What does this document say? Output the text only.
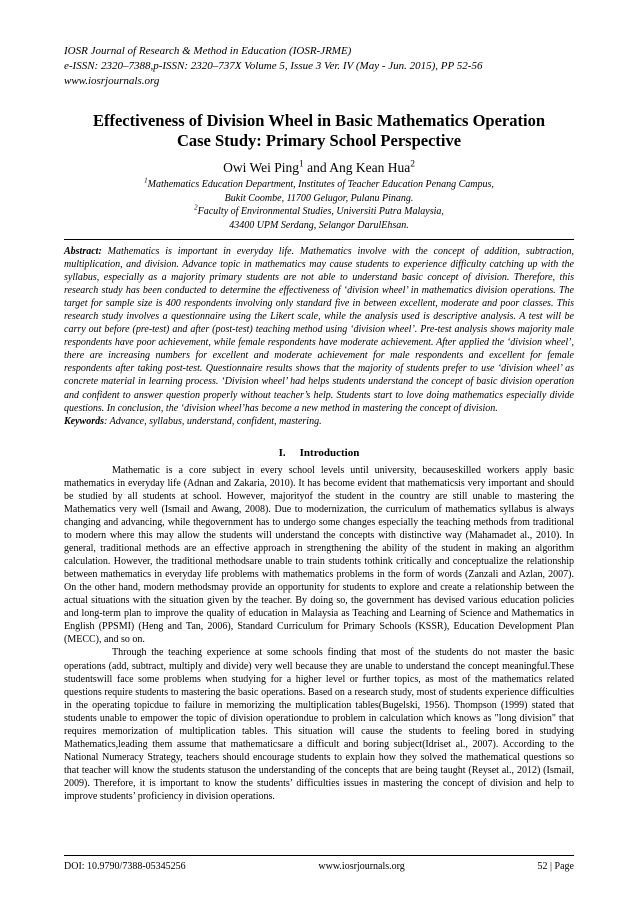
IOSR Journal of Research & Method in Education (IOSR-JRME)

e-ISSN: 2320–7388,p-ISSN: 2320–737X Volume 5, Issue 3 Ver. IV (May - Jun. 2015), PP 52-56

www.iosrjournals.org

Effectiveness of Division Wheel in Basic Mathematics Operation
Case Study: Primary School Perspective

Owi Wei Ping$^1$ and Ang Kean Hua$^2$

$^1$Mathematics Education Department, Institutes of Teacher Education Penang Campus,
Bukit Coombe, 11700 Gelugor, Pulanu Pinang.
$^2$Faculty of Environmental Studies, Universiti Putra Malaysia,
43400 UPM Serdang, Selangor DarulEhsan.

Abstract: Mathematics is important in everyday life. Mathematics involve with the concept of addition, subtraction, multiplication, and division. Advance topic in mathematics may cause students to experience difficulty catching up with the syllabus, especially as a majority primary students are not able to understand basic concept of division. Therefore, this research study has been conducted to determine the effectiveness of ‘division wheel’ in mathematics division operations. The target for sample size is 400 respondents involving only standard five in between excellent, moderate and poor classes. This research study involves a questionnaire using the Likert scale, while the analysis used is descriptive analysis. A test will be carry out before (pre-test) and after (post-test) teaching method using ‘division wheel’. Pre-test analysis shows majority male respondents have poor achievement, while female respondents have moderate achievement. After applied the ‘division wheel’, there are increasing numbers for excellent and moderate achievement for male respondents and excellent for female respondents after taking post-test. Questionnaire results shows that the majority of students prefer to use ‘division wheel’ as concrete material in learning process. ‘Division wheel’ had helps students understand the concept of basic division operation and confident to answer question properly without teacher’s help. Students start to love doing mathematics especially divide questions. In conclusion, the ‘division wheel’has become a new method in mastering the concept of division.

Keywords: Advance, syllabus, understand, confident, mastering.

I. Introduction

Mathematic is a core subject in every school levels until university, becauseskilled workers apply basic mathematics in everyday life (Adnan and Zakaria, 2010). It has become evident that mathematicsis very important and should be studied by all students at school. However, majorityof the student in the country are still unable to mastering the Mathematics very well (Ismail and Awang, 2008). Due to modernization, the curriculum of mathematics syllabus is always changing and advancing, while thegovernment has to undergo some changes especially the teaching methods from traditional to modern where this may allow the students will understand the concepts with distinctive way (Mahamadet al., 2010). In general, traditional methods are an effective approach in strengthening the ability of the student in making an algorithm calculation. However, the traditional methodsare unable to train students tothink critically and conceptualize the relationship between mathematics in everyday life problems with mathematics problems in the form of words (Zanzali and Azlan, 2007). On the other hand, modern methodsmay provide an opportunity for students to explore and create a relationship between the actual situations with the situation given by the teacher. By doing so, the government has devised various education policies and long-term plan to improve the quality of education in Malaysia as Teaching and Learning of Science and Mathematics in English (PPSMI) (Heng and Tan, 2006), Standard Curriculum for Primary Schools (KSSR), Education Development Plan (MECC), and so on.

Through the teaching experience at some schools finding that most of the students do not master the basic operations (add, subtract, multiply and divide) very well because they are unable to understand the concept meaningful.These studentswill face some problems when studying for a higher level or further topics, as most of the mathematics related questions require students to mastering the basic operations. Based on a research study, most of students experience difficulties in the operating topicdue to failure in memorizing the multiplication tables(Bugelski, 1956). Thompson (1999) stated that students unable to empower the topic of division operationdue to problem in calculation which knows as "long division" that requires memorization of multiplication tables. This situation will cause the students to feeling bored in studying Mathematics,leading them assume that mathematicsare a difficult and boring subject(Idriset al., 2007). According to the National Numeracy Strategy, teachers should encourage students to explain how they solved the mathematical questions so that teacher will know the students statuson the understanding of the concepts that are being taught (Reyset al., 2012) (Ismail, 2009). Therefore, it is important to know the students’ difficulties issues in mastering the concept of division and help to improve students’ proficiency in division operations.

DOI: 10.9790/7388-05345256	www.iosrjournals.org	52 | Page
